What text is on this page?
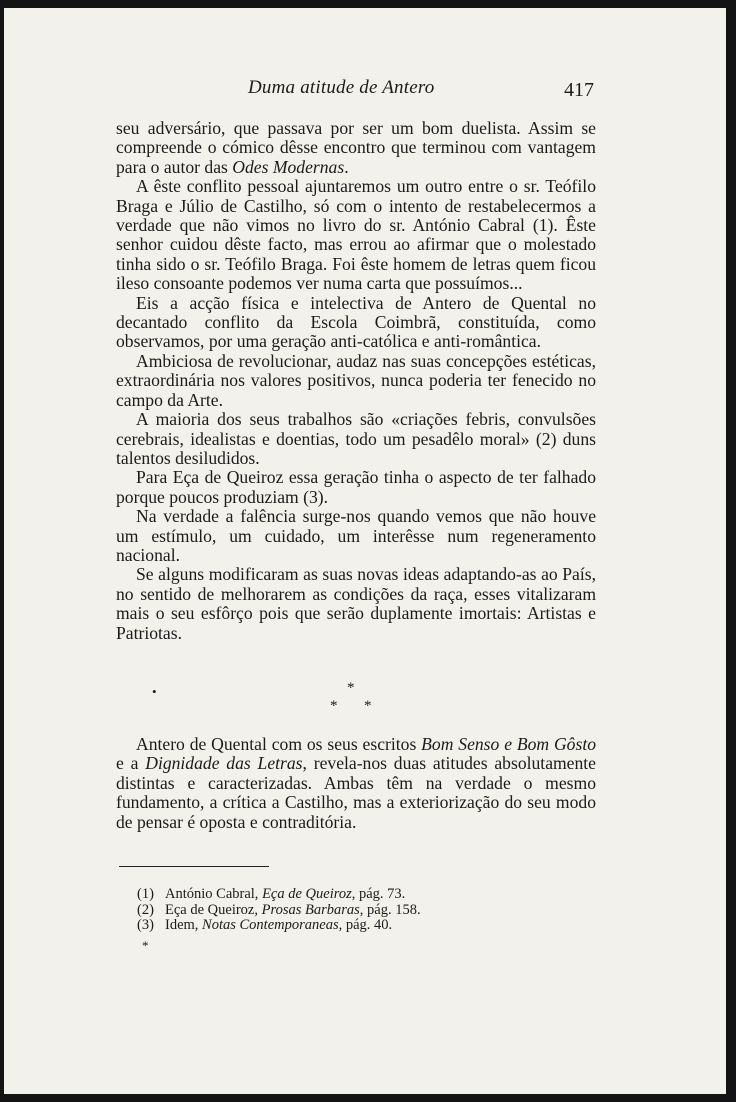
Duma atitude de Antero	417

seu adversário, que passava por ser um bom duelista. Assim se compreende o cómico dêsse encontro que terminou com vantagem para o autor das Odes Modernas.

A êste conflito pessoal ajuntaremos um outro entre o sr. Teófilo Braga e Júlio de Castilho, só com o intento de restabelecermos a verdade que não vimos no livro do sr. António Cabral (1). Êste senhor cuidou dêste facto, mas errou ao afirmar que o molestado tinha sido o sr. Teófilo Braga. Foi êste homem de letras quem ficou ileso consoante podemos ver numa carta que possuímos...

Eis a acção física e intelectiva de Antero de Quental no decantado conflito da Escola Coimbrã, constituída, como observamos, por uma geração anti-católica e anti-romântica.

Ambiciosa de revolucionar, audaz nas suas concepções estéticas, extraordinária nos valores positivos, nunca poderia ter fenecido no campo da Arte.

A maioria dos seus trabalhos são «criações febris, convulsões cerebrais, idealistas e doentias, todo um pesadêlo moral» (2) duns talentos desiludidos.

Para Eça de Queiroz essa geração tinha o aspecto de ter falhado porque poucos produziam (3).

Na verdade a falência surge-nos quando vemos que não houve um estímulo, um cuidado, um interêsse num regeneramento nacional.

Se alguns modificaram as suas novas ideas adaptando-as ao País, no sentido de melhorarem as condições da raça, esses vitalizaram mais o seu esfôrço pois que serão duplamente imortais: Artistas e Patriotas.

*
* *

Antero de Quental com os seus escritos Bom Senso e Bom Gôsto e a Dignidade das Letras, revela-nos duas atitudes absolutamente distintas e caracterizadas. Ambas têm na verdade o mesmo fundamento, a crítica a Castilho, mas a exteriorização do seu modo de pensar é oposta e contraditória.

(1) António Cabral, Eça de Queiroz, pág. 73.
(2) Eça de Queiroz, Prosas Barbaras, pág. 158.
(3) Idem, Notas Contemporaneas, pág. 40.
•
*
